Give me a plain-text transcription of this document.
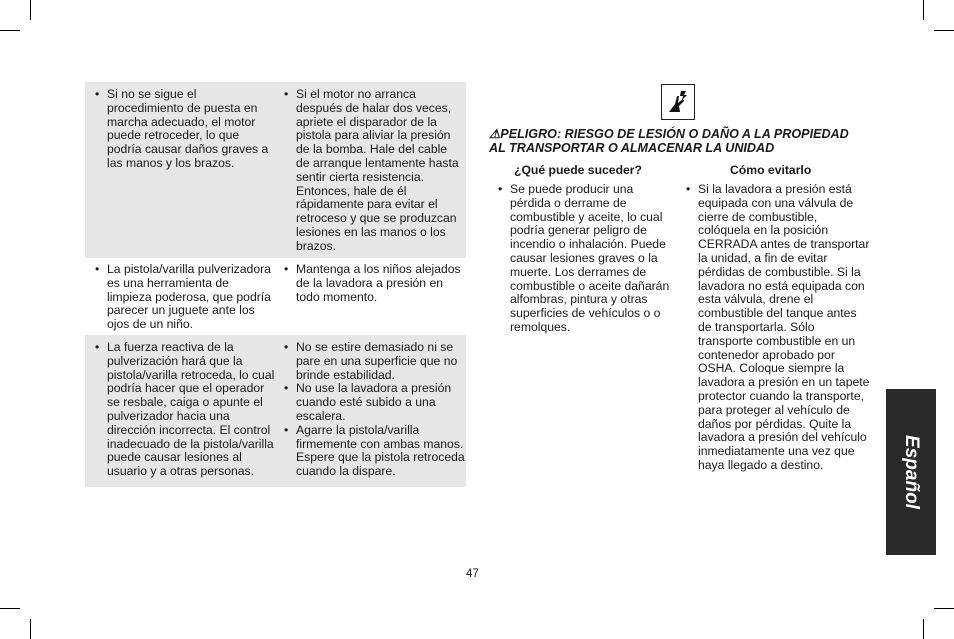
• Si no se sigue el procedimiento de puesta en marcha adecuado, el motor puede retroceder, lo que podría causar daños graves a las manos y los brazos.
• Si el motor no arranca después de halar dos veces, apriete el disparador de la pistola para aliviar la presión de la bomba. Hale del cable de arranque lentamente hasta sentir cierta resistencia. Entonces, hale de él rápidamente para evitar el retroceso y que se produzcan lesiones en las manos o los brazos.
• La pistola/varilla pulverizadora es una herramienta de limpieza poderosa, que podría parecer un juguete ante los ojos de un niño.
• Mantenga a los niños alejados de la lavadora a presión en todo momento.
• La fuerza reactiva de la pulverización hará que la pistola/varilla retroceda, lo cual podría hacer que el operador se resbale, caiga o apunte el pulverizador hacia una dirección incorrecta. El control inadecuado de la pistola/varilla puede causar lesiones al usuario y a otras personas.
• No se estire demasiado ni se pare en una superficie que no brinde estabilidad.
• No use la lavadora a presión cuando esté subido a una escalera.
• Agarre la pistola/varilla firmemente con ambas manos. Espere que la pistola retroceda cuando la dispare.
⚠PELIGRO: RIESGO DE LESIÓN O DAÑO A LA PROPIEDAD
AL TRANSPORTAR O ALMACENAR LA UNIDAD
¿Qué puede suceder?	Cómo evitarlo
• Se puede producir una pérdida o derrame de combustible y aceite, lo cual podría generar peligro de incendio o inhalación. Puede causar lesiones graves o la muerte. Los derrames de combustible o aceite dañarán alfombras, pintura y otras superficies de vehículos o o remolques.
• Si la lavadora a presión está equipada con una válvula de cierre de combustible, colóquela en la posición CERRADA antes de transportar la unidad, a fin de evitar pérdidas de combustible. Si la lavadora no está equipada con esta válvula, drene el combustible del tanque antes de transportarla. Sólo transporte combustible en un contenedor aprobado por OSHA. Coloque siempre la lavadora a presión en un tapete protector cuando la transporte, para proteger al vehículo de daños por pérdidas. Quite la lavadora a presión del vehículo inmediatamente una vez que haya llegado a destino.	Español
47
